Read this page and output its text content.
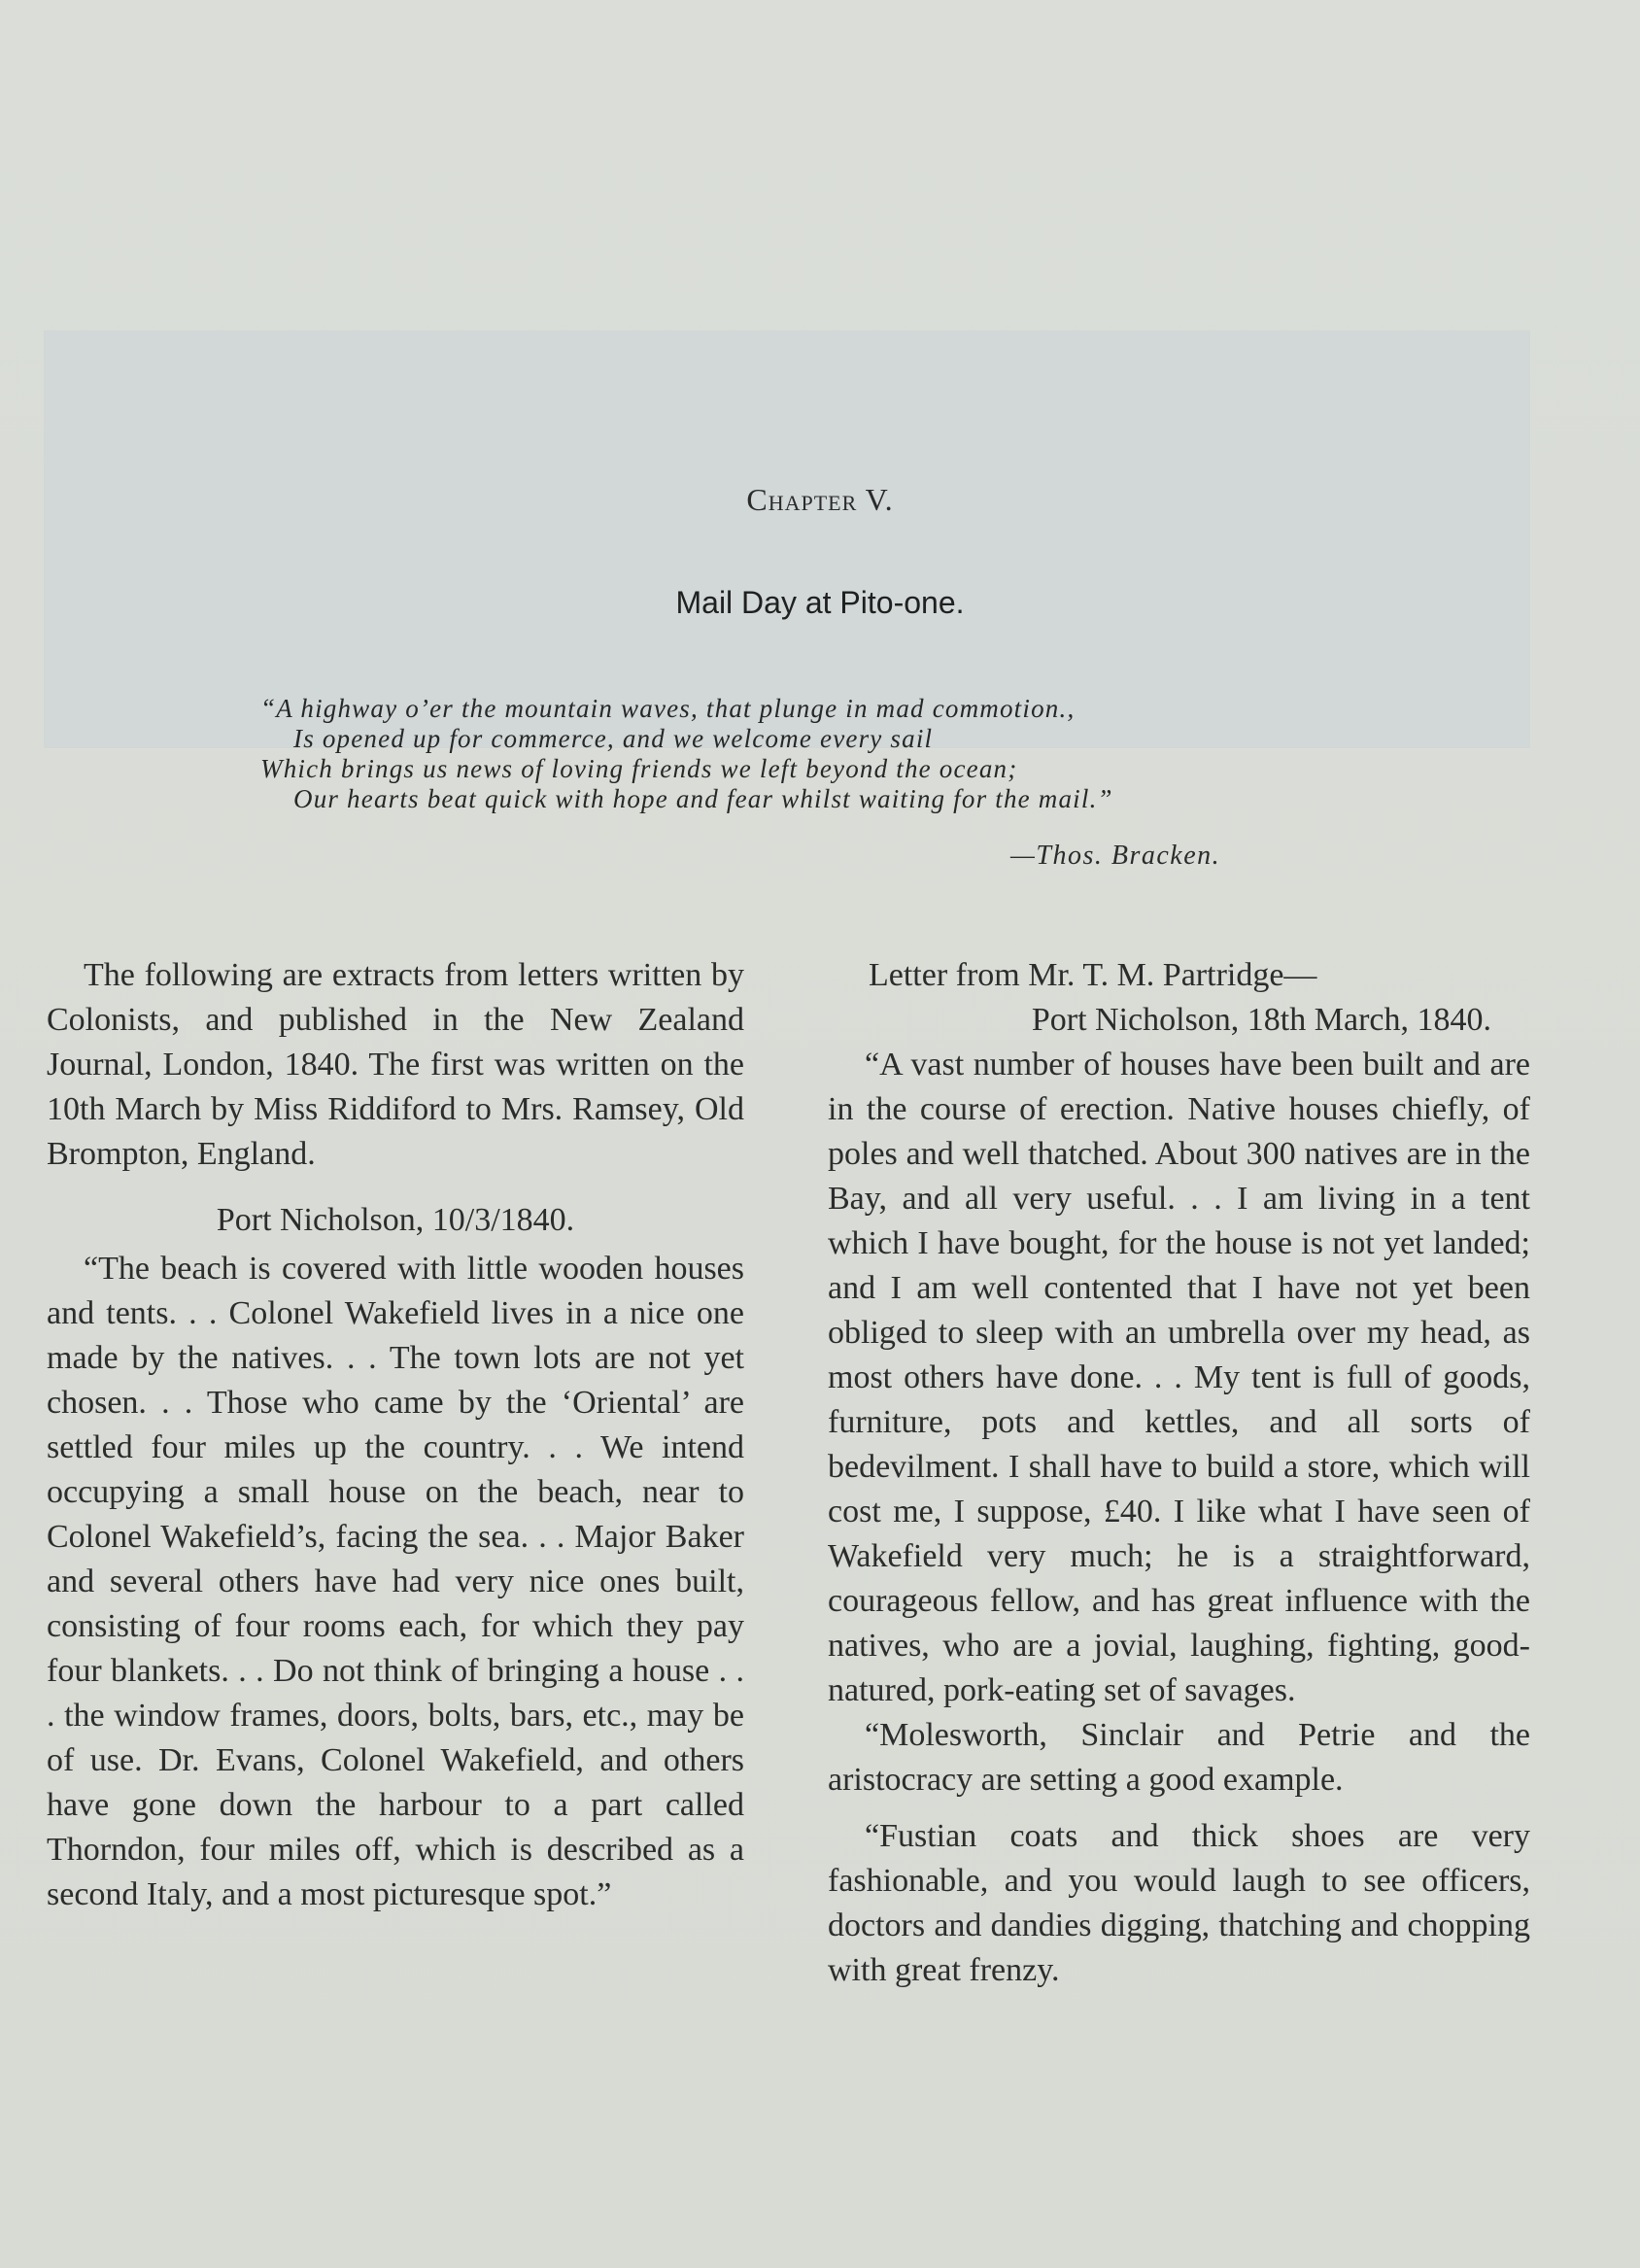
Chapter V.
Mail Day at Pito-one.
“A highway o’er the mountain waves, that plunge in mad commotion.,
Is opened up for commerce, and we welcome every sail
Which brings us news of loving friends we left beyond the ocean;
Our hearts beat quick with hope and fear whilst waiting for the mail.”
—Thos. Bracken.

The following are extracts from letters written by Colonists, and published in the New Zealand Journal, London, 1840. The first was written on the 10th March by Miss Riddiford to Mrs. Ramsey, Old Brompton, England.

Port Nicholson, 10/3/1840.

“The beach is covered with little wooden houses and tents. . . Colonel Wakefield lives in a nice one made by the natives. . . The town lots are not yet chosen. . . Those who came by the ‘Oriental’ are settled four miles up the country. . . We intend occupying a small house on the beach, near to Colonel Wakefield’s, facing the sea. . . Major Baker and several others have had very nice ones built, consisting of four rooms each, for which they pay four blankets. . . Do not think of bringing a house . . . the window frames, doors, bolts, bars, etc., may be of use. Dr. Evans, Colonel Wakefield, and others have gone down the harbour to a part called Thorndon, four miles off, which is described as a second Italy, and a most picturesque spot.”

Letter from Mr. T. M. Partridge—

Port Nicholson, 18th March, 1840.

“A vast number of houses have been built and are in the course of erection. Native houses chiefly, of poles and well thatched. About 300 natives are in the Bay, and all very useful. . . I am living in a tent which I have bought, for the house is not yet landed; and I am well contented that I have not yet been obliged to sleep with an umbrella over my head, as most others have done. . . My tent is full of goods, furniture, pots and kettles, and all sorts of bedevilment. I shall have to build a store, which will cost me, I suppose, £40. I like what I have seen of Wakefield very much; he is a straightforward, courageous fellow, and has great influence with the natives, who are a jovial, laughing, fighting, good-natured, pork-eating set of savages.

“Molesworth, Sinclair and Petrie and the aristocracy are setting a good example.

“Fustian coats and thick shoes are very fashionable, and you would laugh to see officers, doctors and dandies digging, thatching and chopping with great frenzy.
